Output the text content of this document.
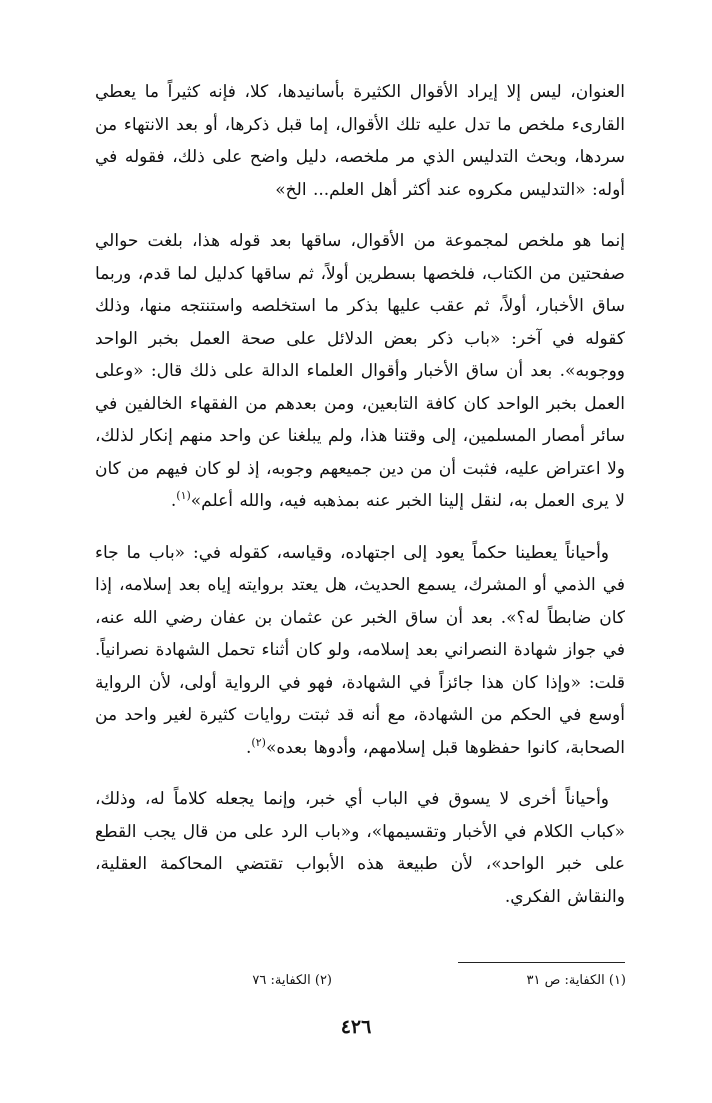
العنوان، ليس إلا إيراد الأقوال الكثيرة بأسانيدها، كلا، فإنه كثيراً ما يعطي القارىء ملخص ما تدل عليه تلك الأقوال، إما قبل ذكرها، أو بعد الانتهاء من سردها، وبحث التدليس الذي مر ملخصه، دليل واضح على ذلك، فقوله في أوله: «التدليس مكروه عند أكثر أهل العلم... الخ»

إنما هو ملخص لمجموعة من الأقوال، ساقها بعد قوله هذا، بلغت حوالي صفحتين من الكتاب، فلخصها بسطرين أولاً، ثم ساقها كدليل لما قدم، وربما ساق الأخبار، أولاً، ثم عقب عليها بذكر ما استخلصه واستنتجه منها، وذلك كقوله في آخر: «باب ذكر بعض الدلائل على صحة العمل بخبر الواحد ووجوبه». بعد أن ساق الأخبار وأقوال العلماء الدالة على ذلك قال: «وعلى العمل بخبر الواحد كان كافة التابعين، ومن بعدهم من الفقهاء الخالفين في سائر أمصار المسلمين، إلى وقتنا هذا، ولم يبلغنا عن واحد منهم إنكار لذلك، ولا اعتراض عليه، فثبت أن من دين جميعهم وجوبه، إذ لو كان فيهم من كان لا يرى العمل به، لنقل إلينا الخبر عنه بمذهبه فيه، والله أعلم»$^{(١)}$.

وأحياناً يعطينا حكماً يعود إلى اجتهاده، وقياسه، كقوله في: «باب ما جاء في الذمي أو المشرك، يسمع الحديث، هل يعتد بروايته إياه بعد إسلامه، إذا كان ضابطاً له؟». بعد أن ساق الخبر عن عثمان بن عفان رضي الله عنه، في جواز شهادة النصراني بعد إسلامه، ولو كان أثناء تحمل الشهادة نصرانياً. قلت: «وإذا كان هذا جائزاً في الشهادة، فهو في الرواية أولى، لأن الرواية أوسع في الحكم من الشهادة، مع أنه قد ثبتت روايات كثيرة لغير واحد من الصحابة، كانوا حفظوها قبل إسلامهم، وأدوها بعده»$^{(٢)}$.

وأحياناً أخرى لا يسوق في الباب أي خبر، وإنما يجعله كلاماً له، وذلك، «كباب الكلام في الأخبار وتقسيمها»، و«باب الرد على من قال يجب القطع على خبر الواحد»، لأن طبيعة هذه الأبواب تقتضي المحاكمة العقلية، والنقاش الفكري.

(١) الكفاية: ص ٣١
(٢) الكفاية: ٧٦
٤٢٦
